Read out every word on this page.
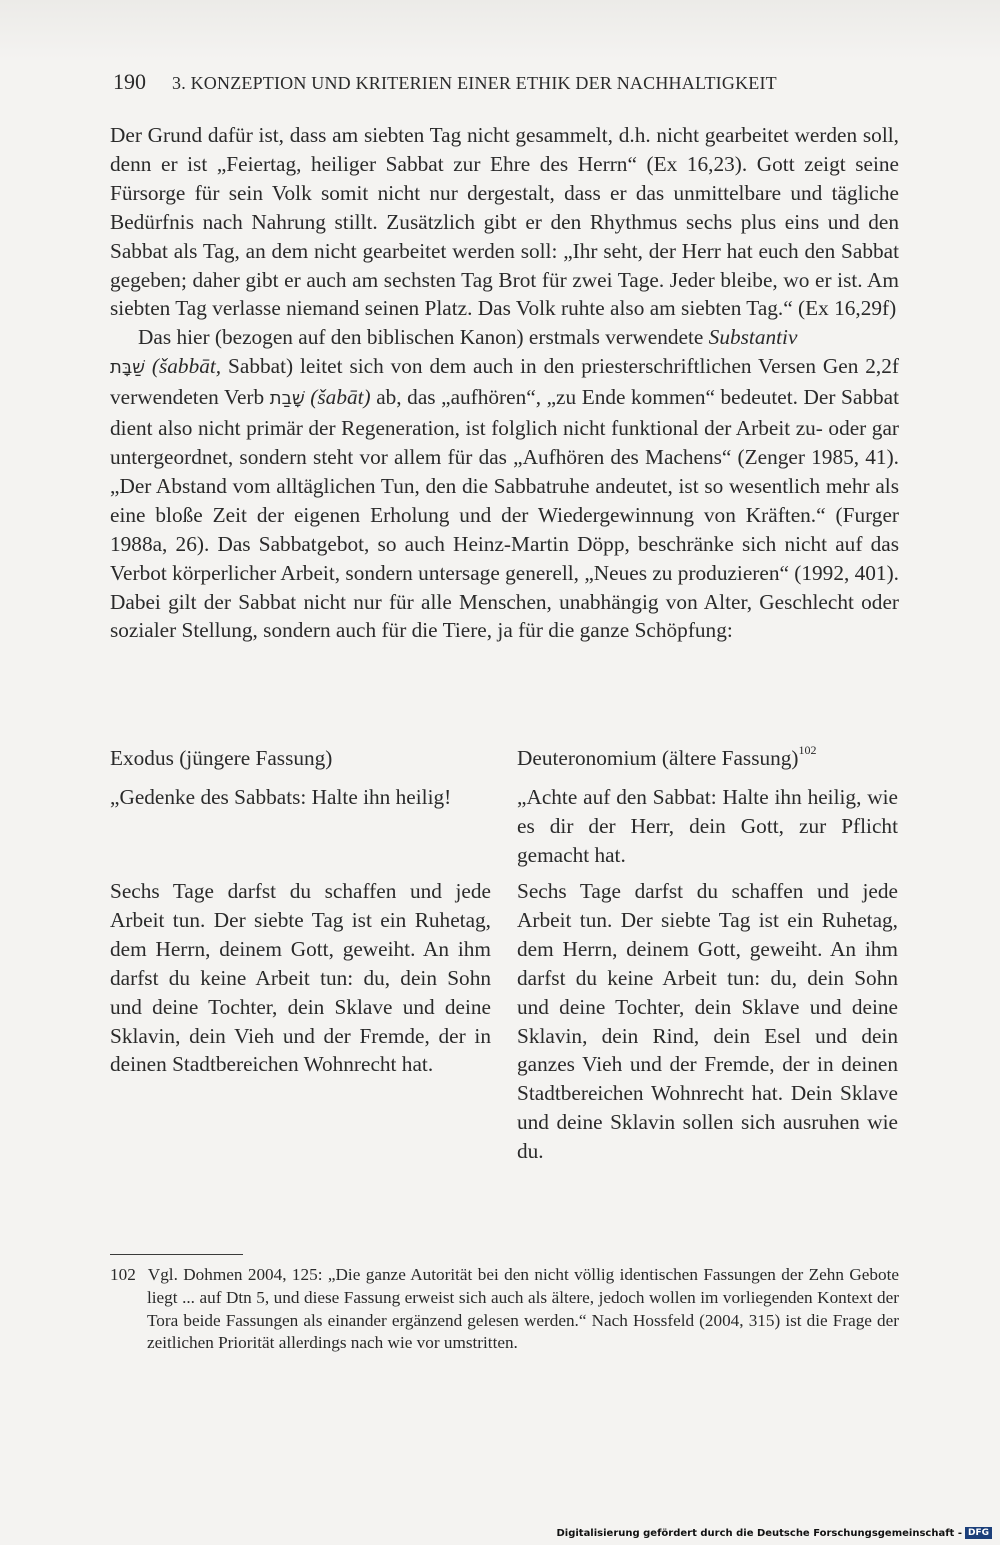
190 3. KONZEPTION UND KRITERIEN EINER ETHIK DER NACHHALTIGKEIT

Der Grund dafür ist, dass am siebten Tag nicht gesammelt, d.h. nicht gearbeitet werden soll, denn er ist „Feiertag, heiliger Sabbat zur Ehre des Herrn“ (Ex 16,23). Gott zeigt seine Fürsorge für sein Volk somit nicht nur dergestalt, dass er das unmittelbare und tägliche Bedürfnis nach Nahrung stillt. Zusätzlich gibt er den Rhythmus sechs plus eins und den Sabbat als Tag, an dem nicht gearbeitet werden soll: „Ihr seht, der Herr hat euch den Sabbat gegeben; daher gibt er auch am sechsten Tag Brot für zwei Tage. Jeder bleibe, wo er ist. Am siebten Tag verlasse niemand seinen Platz. Das Volk ruhte also am siebten Tag.“ (Ex 16,29f)

Das hier (bezogen auf den biblischen Kanon) erstmals verwendete Substantiv
שַׁבָּת (šabbāt, Sabbat) leitet sich von dem auch in den priesterschriftlichen Versen Gen 2,2f verwendeten Verb שָׁבַת (šabāt) ab, das „aufhören“, „zu Ende kommen“ bedeutet. Der Sabbat dient also nicht primär der Regeneration, ist folglich nicht funktional der Arbeit zu- oder gar untergeordnet, sondern steht vor allem für das „Aufhören des Machens“ (Zenger 1985, 41). „Der Abstand vom alltäglichen Tun, den die Sabbatruhe andeutet, ist so wesentlich mehr als eine bloße Zeit der eigenen Erholung und der Wiedergewinnung von Kräften.“ (Furger 1988a, 26). Das Sabbatgebot, so auch Heinz-Martin Döpp, beschränke sich nicht auf das Verbot körperlicher Arbeit, sondern untersage generell, „Neues zu produzieren“ (1992, 401). Dabei gilt der Sabbat nicht nur für alle Menschen, unabhängig von Alter, Geschlecht oder sozialer Stellung, sondern auch für die Tiere, ja für die ganze Schöpfung:

Exodus (jüngere Fassung)
„Gedenke des Sabbats: Halte ihn heilig!
Sechs Tage darfst du schaffen und jede Arbeit tun. Der siebte Tag ist ein Ruhetag, dem Herrn, deinem Gott, geweiht. An ihm darfst du keine Arbeit tun: du, dein Sohn und deine Tochter, dein Sklave und deine Sklavin, dein Vieh und der Fremde, der in deinen Stadtbereichen Wohnrecht hat.
Deuteronomium (ältere Fassung)$^{102}$
„Achte auf den Sabbat: Halte ihn heilig, wie es dir der Herr, dein Gott, zur Pflicht gemacht hat.
Sechs Tage darfst du schaffen und jede Arbeit tun. Der siebte Tag ist ein Ruhetag, dem Herrn, deinem Gott, geweiht. An ihm darfst du keine Arbeit tun: du, dein Sohn und deine Tochter, dein Sklave und deine Sklavin, dein Rind, dein Esel und dein ganzes Vieh und der Fremde, der in deinen Stadtbereichen Wohnrecht hat. Dein Sklave und deine Sklavin sollen sich ausruhen wie du.
102 Vgl. Dohmen 2004, 125: „Die ganze Autorität bei den nicht völlig identischen Fassungen der Zehn Gebote liegt ... auf Dtn 5, und diese Fassung erweist sich auch als ältere, jedoch wollen im vorliegenden Kontext der Tora beide Fassungen als einander ergänzend gelesen werden.“ Nach Hossfeld (2004, 315) ist die Frage der zeitlichen Priorität allerdings nach wie vor umstritten.
Digitalisierung gefördert durch die Deutsche Forschungsgemeinschaft - DFG
